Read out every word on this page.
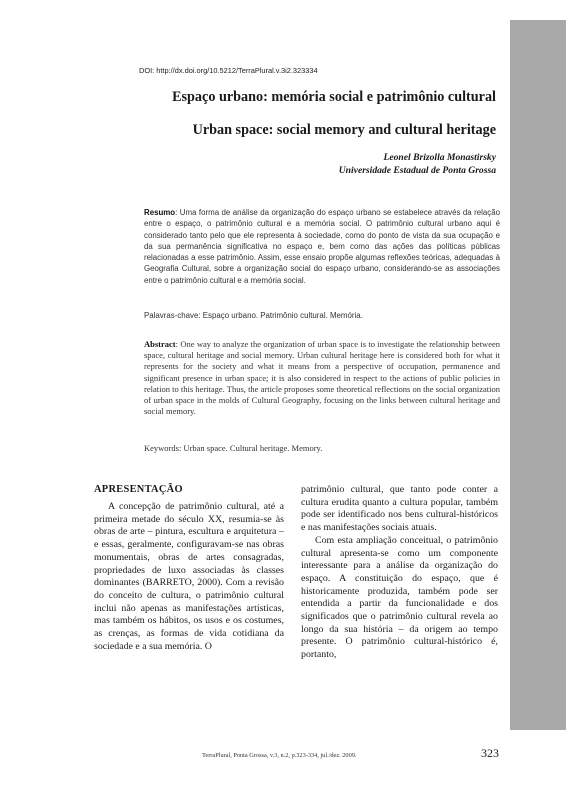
DOI: http://dx.doi.org/10.5212/TerraPlural.v.3i2.323334

Espaço urbano: memória social e patrimônio cultural
Urban space: social memory and cultural heritage

Leonel Brizolla Monastirsky

Universidade Estadual de Ponta Grossa

Resumo: Uma forma de análise da organização do espaço urbano se estabelece através da relação entre o espaço, o patrimônio cultural e a memória social. O patrimônio cultural urbano aqui é considerado tanto pelo que ele representa à sociedade, como do ponto de vista da sua ocupação e da sua permanência significativa no espaço e, bem como das ações das políticas públicas relacionadas a esse patrimônio. Assim, esse ensaio propõe algumas reflexões teóricas, adequadas à Geografia Cultural, sobre a organização social do espaço urbano, considerando-se as associações entre o patrimônio cultural e a memória social.

Palavras-chave: Espaço urbano. Patrimônio cultural. Memória.

Abstract: One way to analyze the organization of urban space is to investigate the relationship between space, cultural heritage and social memory. Urban cultural heritage here is considered both for what it represents for the society and what it means from a perspective of occupation, permanence and significant presence in urban space; it is also considered in respect to the actions of public policies in relation to this heritage. Thus, the article proposes some theoretical reflections on the social organization of urban space in the molds of Cultural Geography, focusing on the links between cultural heritage and social memory.

Keywords: Urban space. Cultural heritage. Memory.

APRESENTAÇÃO

A concepção de patrimônio cultural, até a primeira metade do século XX, resumia-se às obras de arte – pintura, escultura e arquitetura – e essas, geralmente, configuravam-se nas obras monumentais, obras de artes consagradas, propriedades de luxo associadas às classes dominantes (BARRETO, 2000). Com a revisão do conceito de cultura, o patrimônio cultural inclui não apenas as manifestações artísticas, mas também os hábitos, os usos e os costumes, as crenças, as formas de vida cotidiana da sociedade e a sua memória. O

patrimônio cultural, que tanto pode conter a cultura erudita quanto a cultura popular, também pode ser identificado nos bens cultural-históricos e nas manifestações sociais atuais.

Com esta ampliação conceitual, o patrimônio cultural apresenta-se como um componente interessante para a análise da organização do espaço. A constituição do espaço, que é historicamente produzida, também pode ser entendida a partir da funcionalidade e dos significados que o patrimônio cultural revela ao longo da sua história – da origem ao tempo presente. O patrimônio cultural-histórico é, portanto,

TerraPlural, Ponta Grossa, v.3, n.2, p.323-334, jul./dez. 2009.	323
